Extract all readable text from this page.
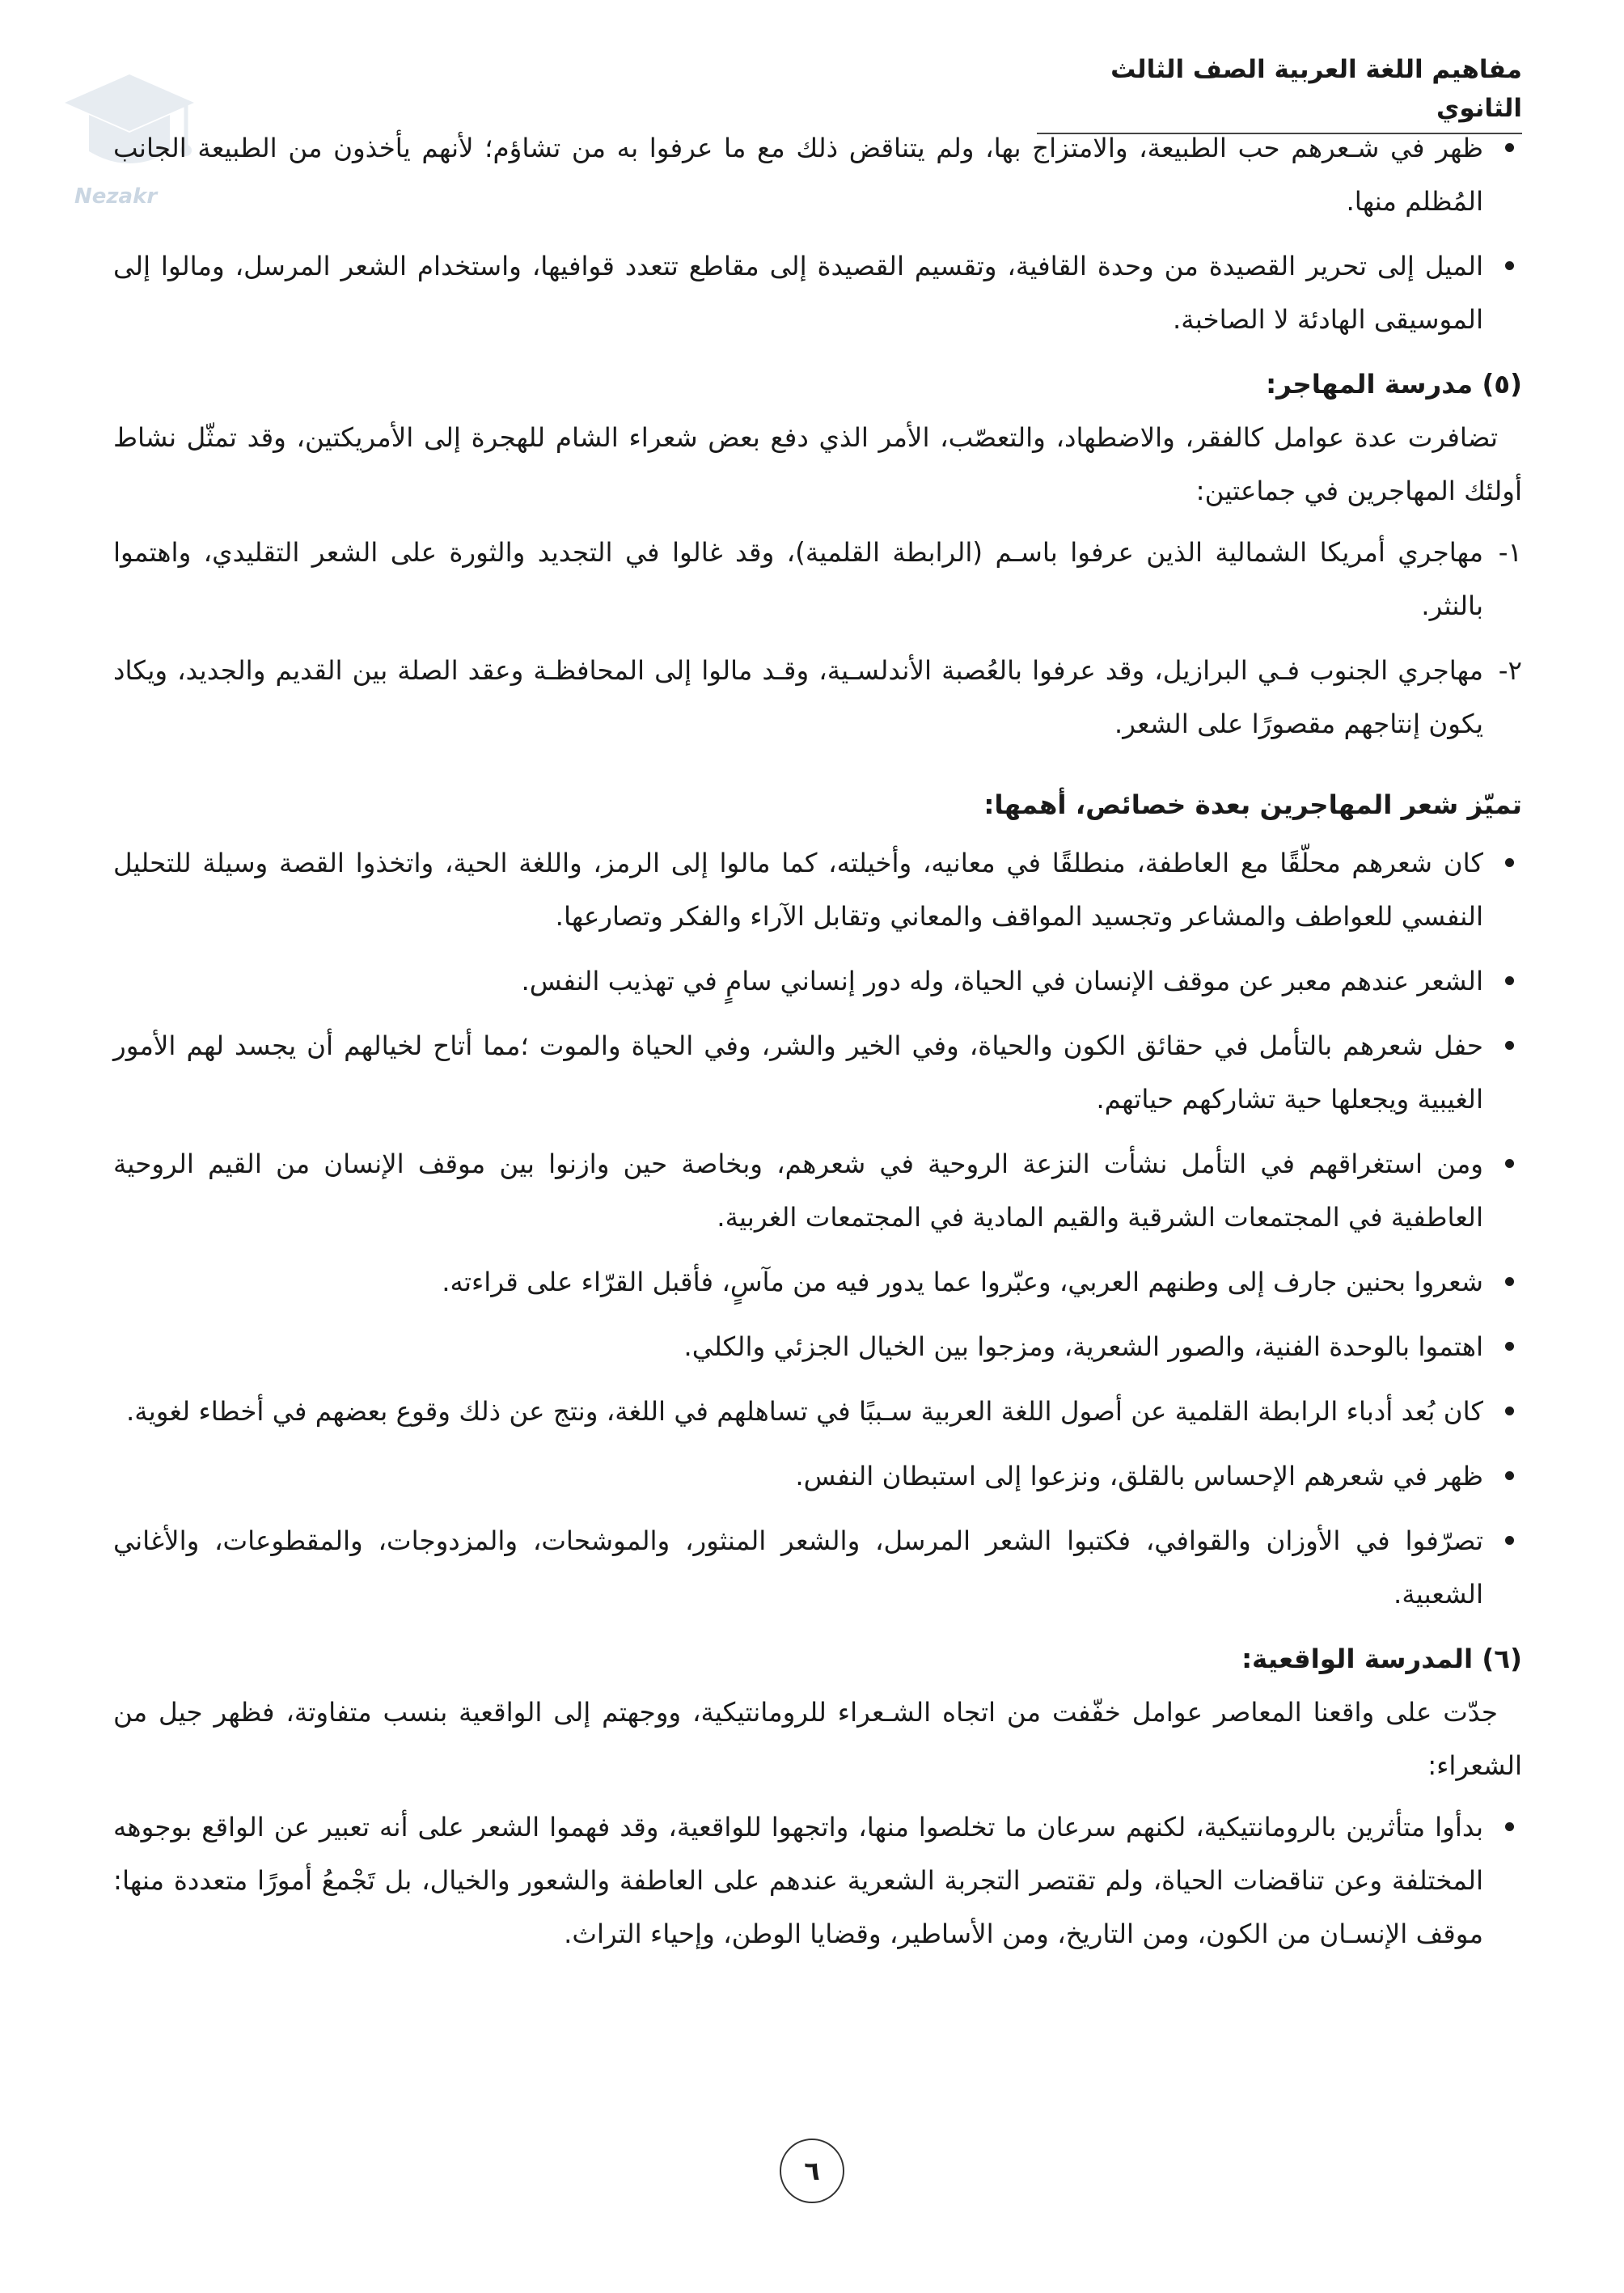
مفاهيم اللغة العربية الصف الثالث الثانوي
Nezakr
ظهر في شـعرهم حب الطبيعة، والامتزاج بها، ولم يتناقض ذلك مع ما عرفوا به من تشاؤم؛ لأنهم يأخذون من الطبيعة الجانب المُظلم منها.
الميل إلى تحرير القصيدة من وحدة القافية، وتقسيم القصيدة إلى مقاطع تتعدد قوافيها، واستخدام الشعر المرسل، ومالوا إلى الموسيقى الهادئة لا الصاخبة.
(٥) مدرسة المهاجر:

تضافرت عدة عوامل كالفقر، والاضطهاد، والتعصّب، الأمر الذي دفع بعض شعراء الشام للهجرة إلى الأمريكتين، وقد تمثّل نشاط أولئك المهاجرين في جماعتين:

١-
مهاجري أمريكا الشمالية الذين عرفوا باسـم (الرابطة القلمية)، وقد غالوا في التجديد والثورة على الشعر التقليدي، واهتموا بالنثر.
٢-
مهاجري الجنوب فـي البرازيل، وقد عرفوا بالعُصبة الأندلسـية، وقـد مالوا إلى المحافظـة وعقد الصلة بين القديم والجديد، ويكاد يكون إنتاجهم مقصورًا على الشعر.
تميّز شعر المهاجرين بعدة خصائص، أهمها:
كان شعرهم محلّقًا مع العاطفة، منطلقًا في معانيه، وأخيلته، كما مالوا إلى الرمز، واللغة الحية، واتخذوا القصة وسيلة للتحليل النفسي للعواطف والمشاعر وتجسيد المواقف والمعاني وتقابل الآراء والفكر وتصارعها.
الشعر عندهم معبر عن موقف الإنسان في الحياة، وله دور إنساني سامٍ في تهذيب النفس.
حفل شعرهم بالتأمل في حقائق الكون والحياة، وفي الخير والشر، وفي الحياة والموت ؛مما أتاح لخيالهم أن يجسد لهم الأمور الغيبية ويجعلها حية تشاركهم حياتهم.
ومن استغراقهم في التأمل نشأت النزعة الروحية في شعرهم، وبخاصة حين وازنوا بين موقف الإنسان من القيم الروحية العاطفية في المجتمعات الشرقية والقيم المادية في المجتمعات الغربية.
شعروا بحنين جارف إلى وطنهم العربي، وعبّروا عما يدور فيه من مآسٍ، فأقبل القرّاء على قراءته.
اهتموا بالوحدة الفنية، والصور الشعرية، ومزجوا بين الخيال الجزئي والكلي.
كان بُعد أدباء الرابطة القلمية عن أصول اللغة العربية سـببًا في تساهلهم في اللغة، ونتج عن ذلك وقوع بعضهم في أخطاء لغوية.
ظهر في شعرهم الإحساس بالقلق، ونزعوا إلى استبطان النفس.
تصرّفوا في الأوزان والقوافي، فكتبوا الشعر المرسل، والشعر المنثور، والموشحات، والمزدوجات، والمقطوعات، والأغاني الشعبية.
(٦) المدرسة الواقعية:

جدّت على واقعنا المعاصر عوامل خفّفت من اتجاه الشـعراء للرومانتيكية، ووجهتم إلى الواقعية بنسب متفاوتة، فظهر جيل من الشعراء:

بدأوا متأثرين بالرومانتيكية، لكنهم سرعان ما تخلصوا منها، واتجهوا للواقعية، وقد فهموا الشعر على أنه تعبير عن الواقع بوجوهه المختلفة وعن تناقضات الحياة، ولم تقتصر التجربة الشعرية عندهم على العاطفة والشعور والخيال، بل تَجْمعُ أمورًا متعددة منها: موقف الإنسـان من الكون، ومن التاريخ، ومن الأساطير، وقضايا الوطن، وإحياء التراث.
٦
